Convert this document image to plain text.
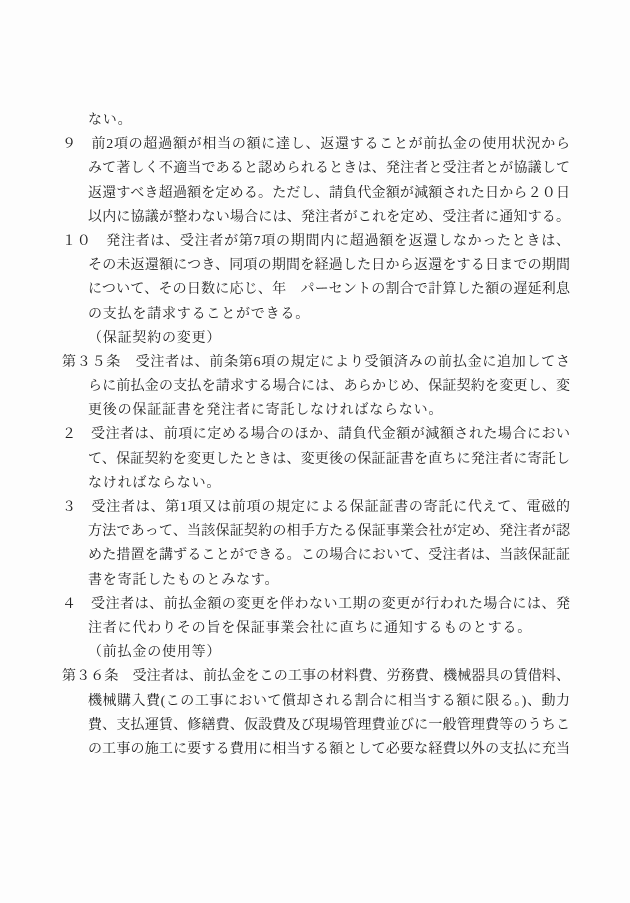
ない。
９　前2項の超過額が相当の額に達し、返還することが前払金の使用状況から
みて著しく不適当であると認められるときは、発注者と受注者とが協議して
返還すべき超過額を定める。ただし、請負代金額が減額された日から２０日
以内に協議が整わない場合には、発注者がこれを定め、受注者に通知する。
１０　発注者は、受注者が第7項の期間内に超過額を返還しなかったときは、
その未返還額につき、同項の期間を経過した日から返還をする日までの期間
について、その日数に応じ、年　パーセントの割合で計算した額の遅延利息
の支払を請求することができる。
（保証契約の変更）
第３５条　受注者は、前条第6項の規定により受領済みの前払金に追加してさ
らに前払金の支払を請求する場合には、あらかじめ、保証契約を変更し、変
更後の保証証書を発注者に寄託しなければならない。
２　受注者は、前項に定める場合のほか、請負代金額が減額された場合におい
て、保証契約を変更したときは、変更後の保証証書を直ちに発注者に寄託し
なければならない。
３　受注者は、第1項又は前項の規定による保証証書の寄託に代えて、電磁的
方法であって、当該保証契約の相手方たる保証事業会社が定め、発注者が認
めた措置を講ずることができる。この場合において、受注者は、当該保証証
書を寄託したものとみなす。
４　受注者は、前払金額の変更を伴わない工期の変更が行われた場合には、発
注者に代わりその旨を保証事業会社に直ちに通知するものとする。
（前払金の使用等）
第３６条　受注者は、前払金をこの工事の材料費、労務費、機械器具の賃借料、
機械購入費(この工事において償却される割合に相当する額に限る。)、動力
費、支払運賃、修繕費、仮設費及び現場管理費並びに一般管理費等のうちこ
の工事の施工に要する費用に相当する額として必要な経費以外の支払に充当
